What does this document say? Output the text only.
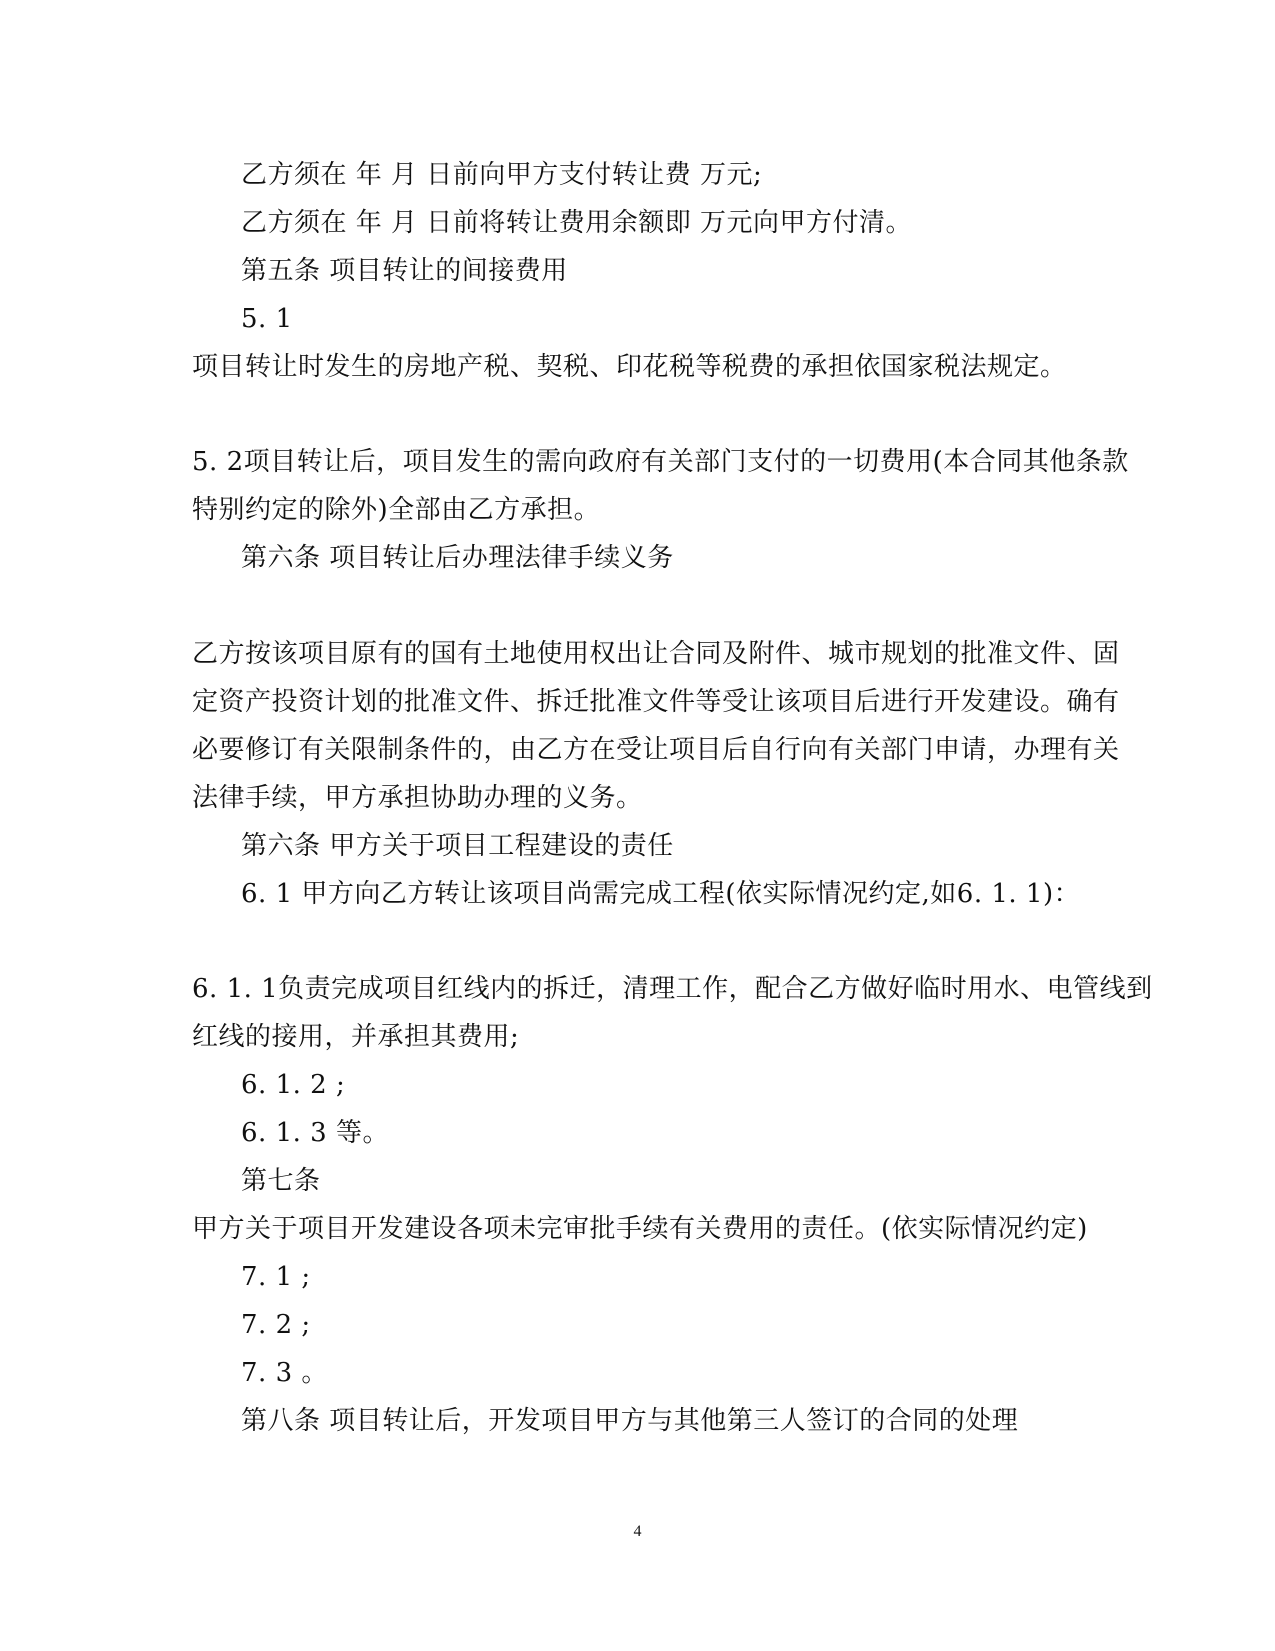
乙方须在 年 月 日前向甲方支付转让费 万元;
乙方须在 年 月 日前将转让费用余额即 万元向甲方付清。
第五条 项目转让的间接费用
5. 1
项目转让时发生的房地产税、契税、印花税等税费的承担依国家税法规定。
5. 2项目转让后，项目发生的需向政府有关部门支付的一切费用(本合同其他条款
特别约定的除外)全部由乙方承担。
第六条 项目转让后办理法律手续义务
乙方按该项目原有的国有土地使用权出让合同及附件、城市规划的批准文件、固
定资产投资计划的批准文件、拆迁批准文件等受让该项目后进行开发建设。确有
必要修订有关限制条件的，由乙方在受让项目后自行向有关部门申请，办理有关
法律手续，甲方承担协助办理的义务。
第六条 甲方关于项目工程建设的责任
6. 1 甲方向乙方转让该项目尚需完成工程(依实际情况约定,如6. 1. 1)：
6. 1. 1负责完成项目红线内的拆迁，清理工作，配合乙方做好临时用水、电管线到
红线的接用，并承担其费用;
6. 1. 2 ;
6. 1. 3 等。
第七条
甲方关于项目开发建设各项未完审批手续有关费用的责任。(依实际情况约定)
7. 1 ;
7. 2 ;
7. 3 。
第八条 项目转让后，开发项目甲方与其他第三人签订的合同的处理
4
